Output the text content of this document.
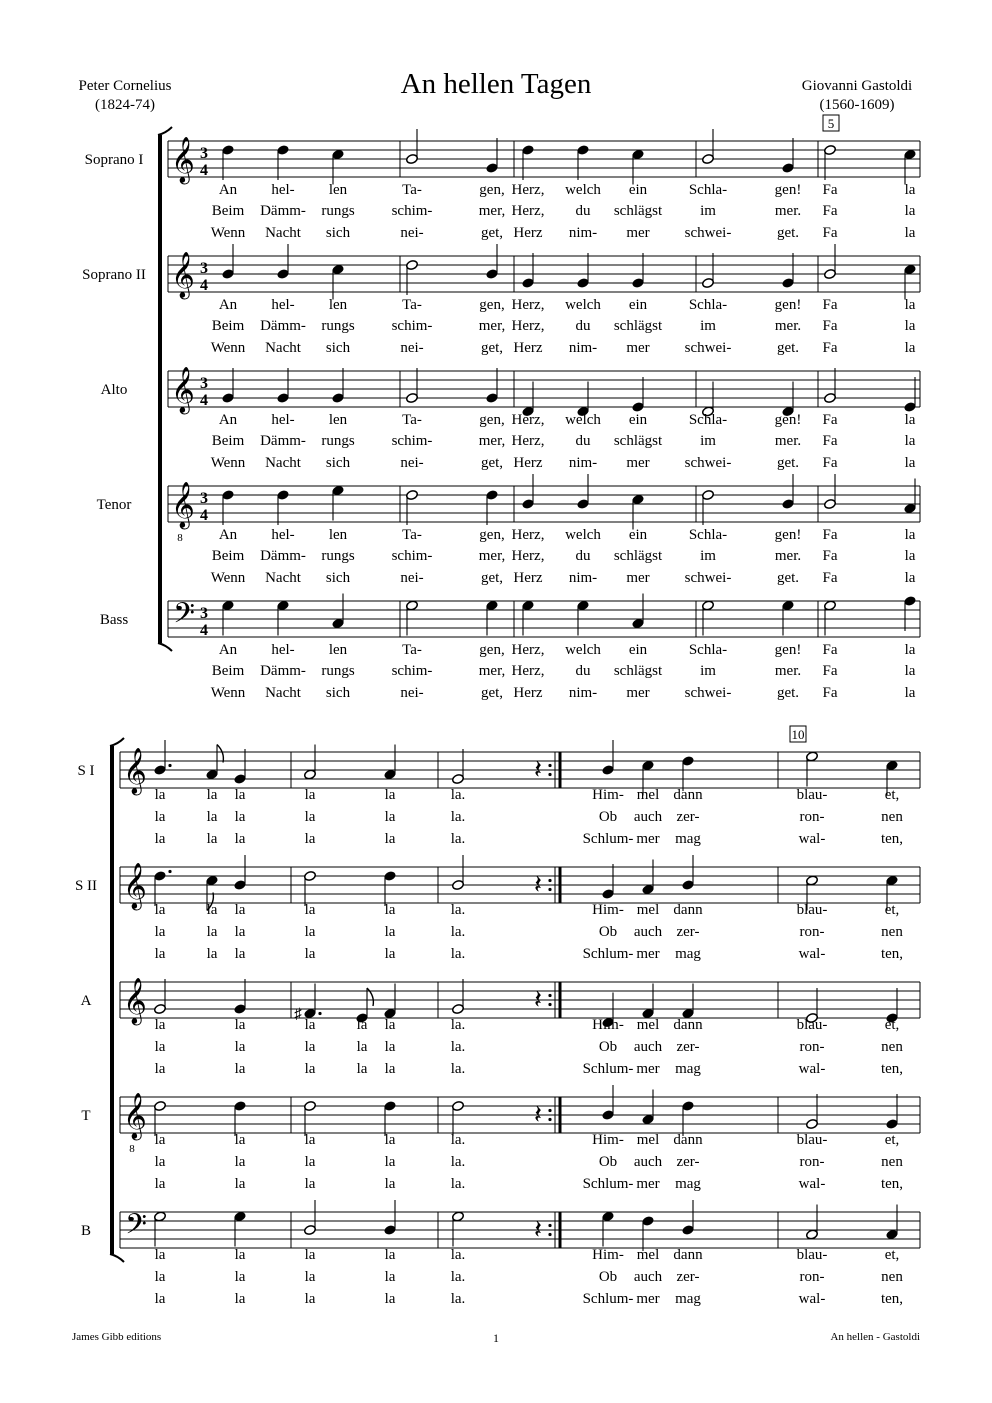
Peter Cornelius
(1824-74)
An hellen Tagen	Giovanni Gastoldi
(1560-1609)
5
Soprano I 𝄞 3
4
An hel- len	Ta-	gen, Herz, welch ein	Schla-	gen! Fa	la
Beim Dämm- rungs schim-	mer, Herz, du schlägst	im	mer. Fa	la
Wenn Nacht sich	nei-	get, Herz nim- mer schwei-	get. Fa	la
Soprano II 𝄞 3
4
An hel- len	Ta-	gen, Herz, welch ein	Schla-	gen! Fa	la
Beim Dämm- rungs schim-	mer, Herz, du schlägst	im	mer. Fa	la
Wenn Nacht sich	nei-	get, Herz nim- mer schwei-	get. Fa	la
Alto 𝄞 3
4
An hel- len	Ta-	gen, Herz, welch ein	Schla-	gen! Fa	la
Beim Dämm- rungs schim-	mer, Herz, du schlägst	im	mer. Fa	la
Wenn Nacht sich	nei-	get, Herz nim- mer schwei-	get. Fa	la
Tenor 𝄞
8
3
4
An hel- len	Ta-	gen, Herz, welch ein	Schla-	gen! Fa	la
Beim Dämm- rungs schim-	mer, Herz, du schlägst	im	mer. Fa	la
Wenn Nacht sich	nei-	get, Herz nim- mer schwei-	get. Fa	la
Bass 𝄢 3
4
An hel- len	Ta-	gen, Herz, welch ein	Schla-	gen! Fa	la
Beim Dämm- rungs schim-	mer, Herz, du schlägst	im	mer. Fa	la
Wenn Nacht sich	nei-	get, Herz nim- mer schwei-	get. Fa	la
10
S I 𝄞	𝄽
la	la la	la	la	la.	Him- mel dann	blau-	et,
la	la la	la	la	la.	Ob auch zer-	ron-	nen
la	la la	la	la	la.	Schlum- mer mag	wal-	ten,
S II 𝄞	𝄽
la	la la	la	la	la.	Him- mel dann	blau-	et,
la	la la	la	la	la.	Ob auch zer-	ron-	nen
la	la la	la	la	la.	Schlum- mer mag	wal-	ten,
A 𝄞	♯
𝄽
la	la	la	la la	la.	Him- mel dann	blau-	et,
la	la	la	la la	la.	Ob auch zer-	ron-	nen
la	la	la	la la	la.	Schlum- mer mag	wal-	ten,
T 𝄞
8
𝄽
la	la	la	la	la.	Him- mel dann	blau-	et,
la	la	la	la	la.	Ob auch zer-	ron-	nen
la	la	la	la	la.	Schlum- mer mag	wal-	ten,
B 𝄢	𝄽
la	la	la	la	la.	Him- mel dann	blau-	et,
la	la	la	la	la.	Ob auch zer-	ron-	nen
la	la	la	la	la.	Schlum- mer mag	wal-	ten,
James Gibb editions	1	An hellen - Gastoldi
